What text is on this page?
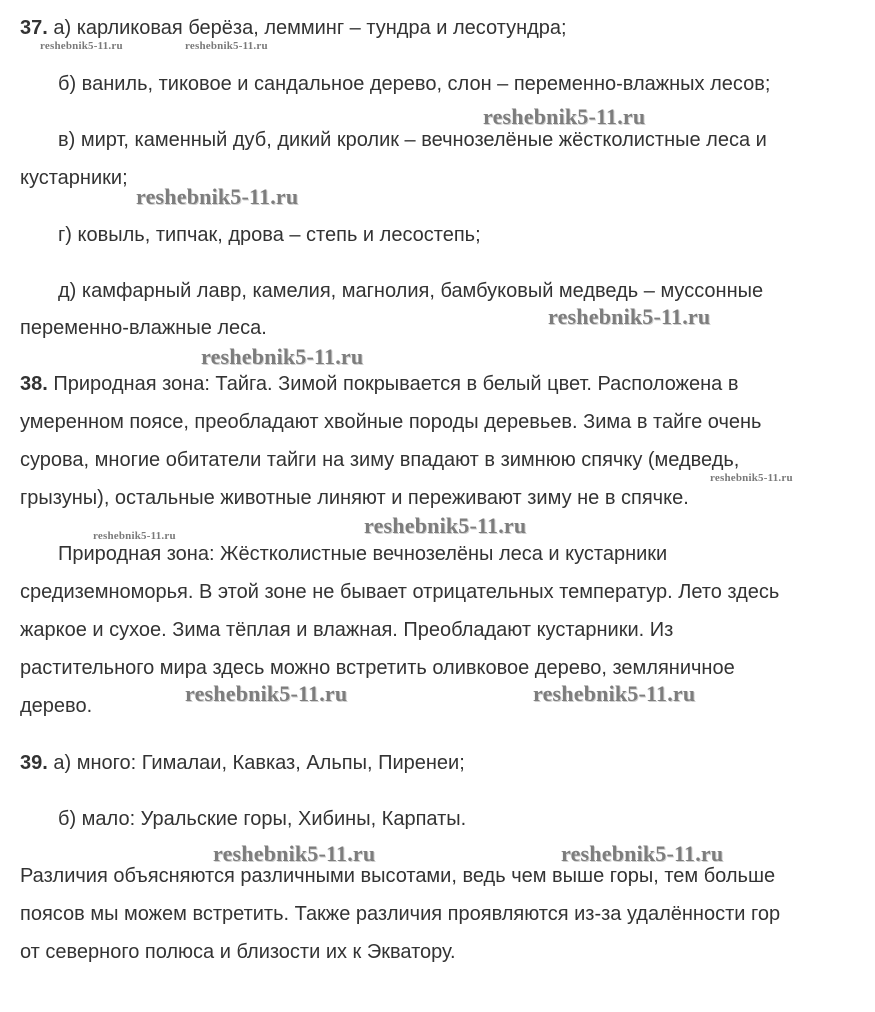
37. а) карликовая берёза, лемминг – тундра и лесотундра;
reshebnik5-11.ru	reshebnik5-11.ru
б) ваниль, тиковое и сандальное дерево, слон – переменно-влажных лесов;
reshebnik5-11.ru
в) мирт, каменный дуб, дикий кролик – вечнозелёные жёстколистные леса и
кустарники;
reshebnik5-11.ru
г) ковыль, типчак, дрова – степь и лесостепь;
д) камфарный лавр, камелия, магнолия, бамбуковый медведь – муссонные
reshebnik5-11.ru
переменно-влажные леса.
reshebnik5-11.ru
38. Природная зона: Тайга. Зимой покрывается в белый цвет. Расположена в
умеренном поясе, преобладают хвойные породы деревьев. Зима в тайге очень
сурова, многие обитатели тайги на зиму впадают в зимнюю спячку (медведь,
reshebnik5-11.ru
грызуны), остальные животные линяют и переживают зиму не в спячке.
reshebnik5-11.ru
reshebnik5-11.ru
Природная зона: Жёстколистные вечнозелёны леса и кустарники
средиземноморья. В этой зоне не бывает отрицательных температур. Лето здесь
жаркое и сухое. Зима тёплая и влажная. Преобладают кустарники. Из
растительного мира здесь можно встретить оливковое дерево, земляничное
reshebnik5-11.ru	reshebnik5-11.ru
дерево.
39. а) много: Гималаи, Кавказ, Альпы, Пиренеи;
б) мало: Уральские горы, Хибины, Карпаты.
reshebnik5-11.ru	reshebnik5-11.ru
Различия объясняются различными высотами, ведь чем выше горы, тем больше
поясов мы можем встретить. Также различия проявляются из-за удалённости гор
от северного полюса и близости их к Экватору.
